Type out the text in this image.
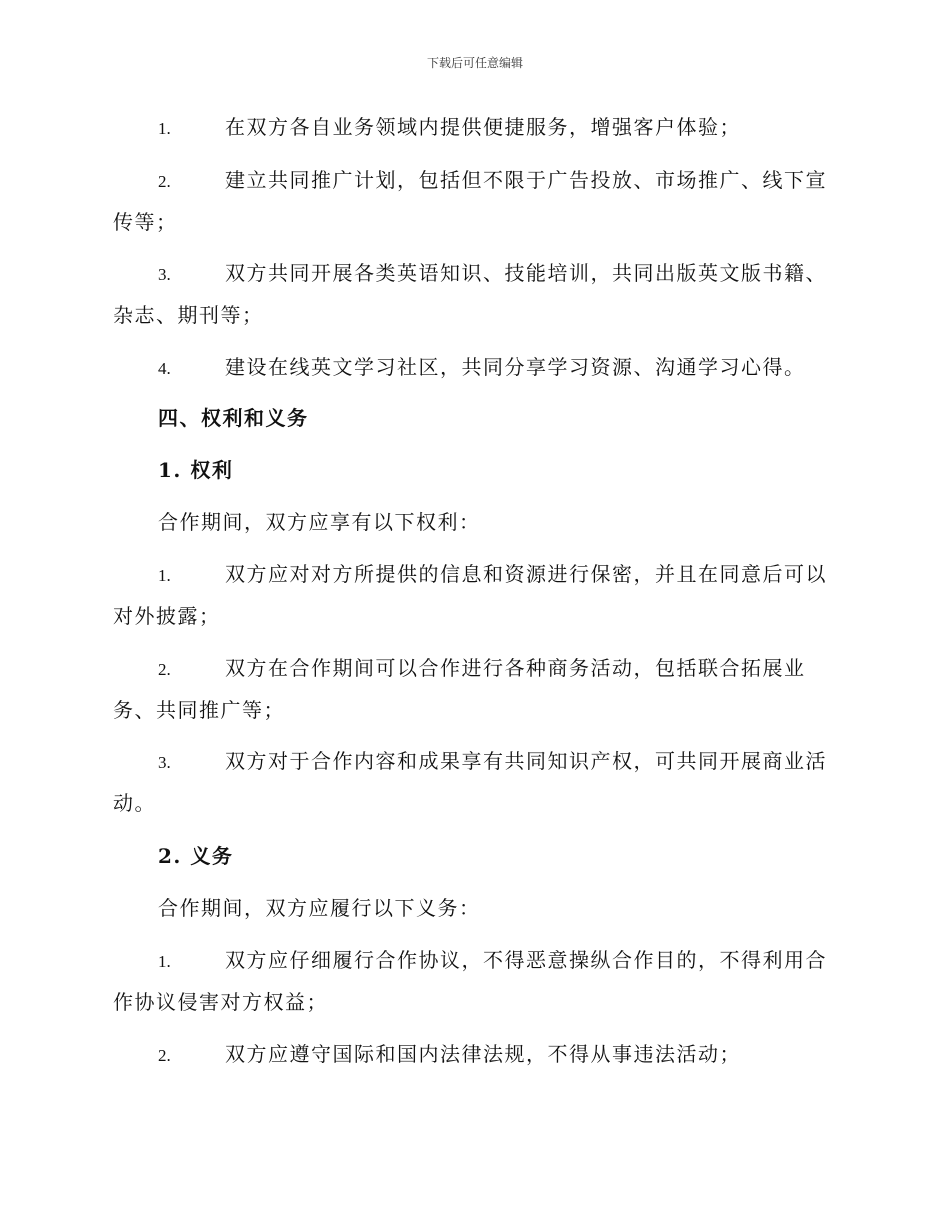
下载后可任意编辑
1.	在双方各自业务领域内提供便捷服务，增强客户体验；
2.	建立共同推广计划，包括但不限于广告投放、市场推广、线下宣传等；
3.	双方共同开展各类英语知识、技能培训，共同出版英文版书籍、杂志、期刊等；
4.	建设在线英文学习社区，共同分享学习资源、沟通学习心得。
四、权利和义务
1. 权利
合作期间，双方应享有以下权利：
1.	双方应对对方所提供的信息和资源进行保密，并且在同意后可以对外披露；
2.	双方在合作期间可以合作进行各种商务活动，包括联合拓展业务、共同推广等；
3.	双方对于合作内容和成果享有共同知识产权，可共同开展商业活动。
2. 义务
合作期间，双方应履行以下义务：
1.	双方应仔细履行合作协议，不得恶意操纵合作目的，不得利用合作协议侵害对方权益；
2.	双方应遵守国际和国内法律法规，不得从事违法活动；
